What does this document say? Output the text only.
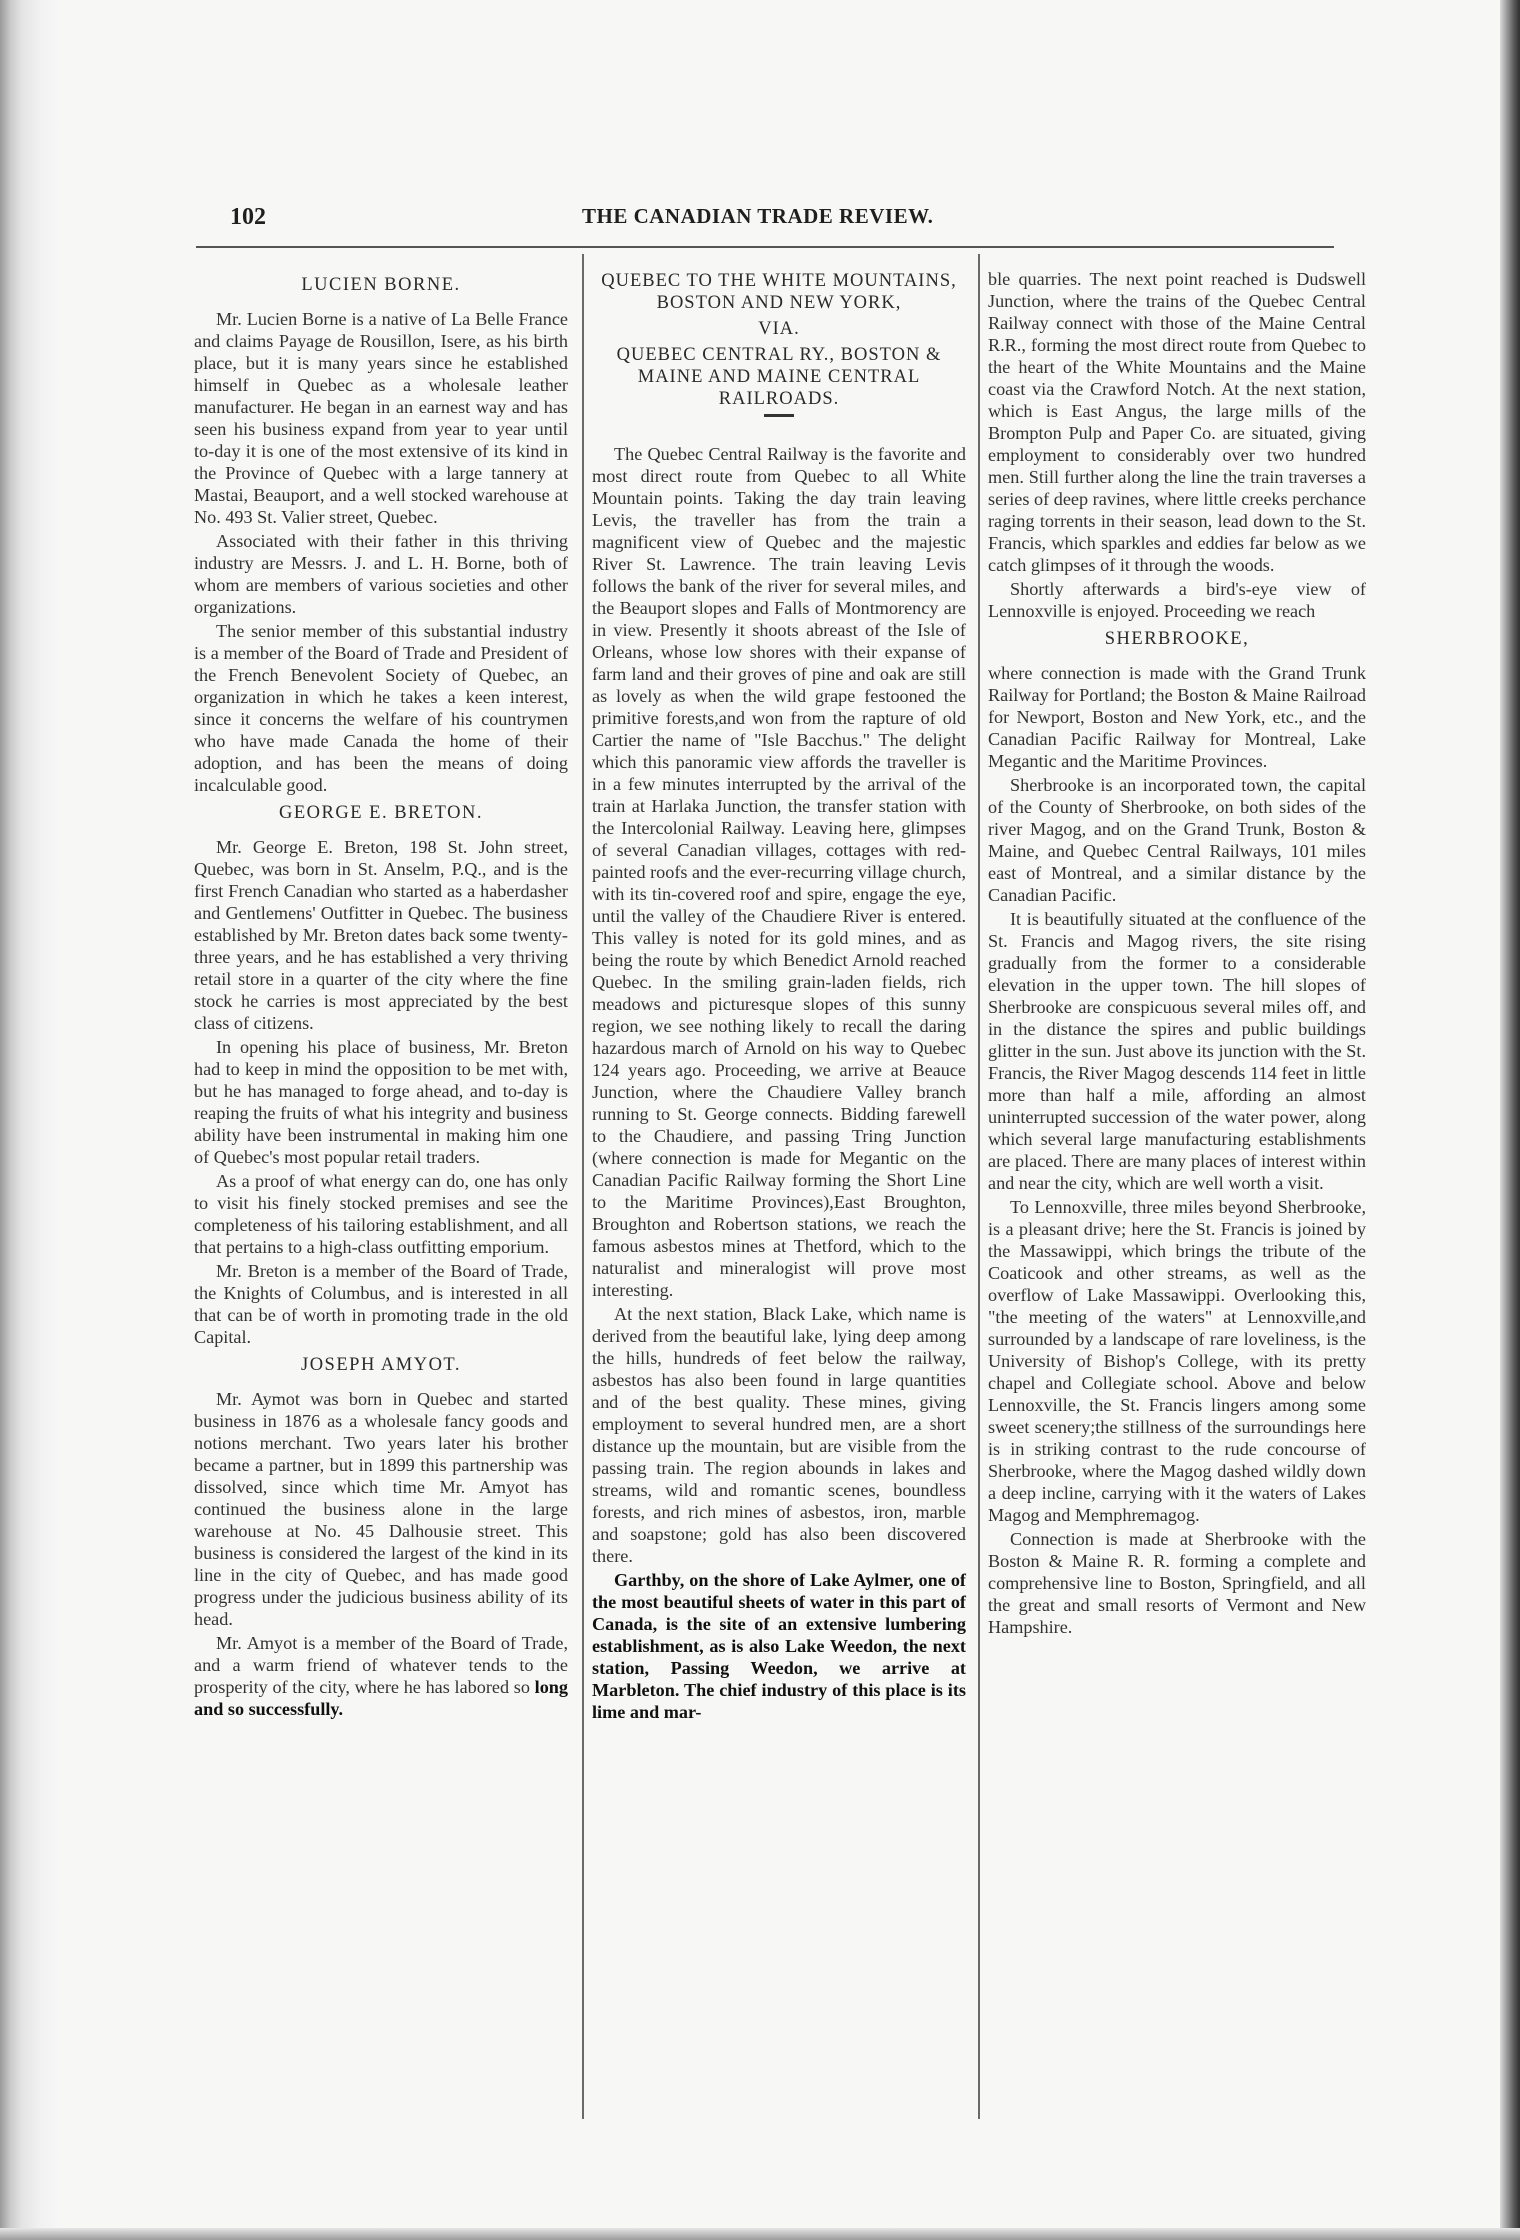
102	THE CANADIAN TRADE REVIEW.
LUCIEN BORNE.

Mr. Lucien Borne is a native of La Belle France and claims Payage de Rousillon, Isere, as his birth place, but it is many years since he established himself in Quebec as a wholesale leather manufacturer. He began in an earnest way and has seen his business expand from year to year until to-day it is one of the most extensive of its kind in the Province of Quebec with a large tannery at Mastai, Beauport, and a well stocked warehouse at No. 493 St. Valier street, Quebec.

Associated with their father in this thriving industry are Messrs. J. and L. H. Borne, both of whom are members of various societies and other organizations.

The senior member of this substantial industry is a member of the Board of Trade and President of the French Benevolent Society of Quebec, an organization in which he takes a keen interest, since it concerns the welfare of his countrymen who have made Canada the home of their adoption, and has been the means of doing incalculable good.

GEORGE E. BRETON.

Mr. George E. Breton, 198 St. John street, Quebec, was born in St. Anselm, P.Q., and is the first French Canadian who started as a haberdasher and Gentlemens' Outfitter in Quebec. The business established by Mr. Breton dates back some twenty-three years, and he has established a very thriving retail store in a quarter of the city where the fine stock he carries is most appreciated by the best class of citizens.

In opening his place of business, Mr. Breton had to keep in mind the opposition to be met with, but he has managed to forge ahead, and to-day is reaping the fruits of what his integrity and business ability have been instrumental in making him one of Quebec's most popular retail traders.

As a proof of what energy can do, one has only to visit his finely stocked premises and see the completeness of his tailoring establishment, and all that pertains to a high-class outfitting emporium.

Mr. Breton is a member of the Board of Trade, the Knights of Columbus, and is interested in all that can be of worth in promoting trade in the old Capital.

JOSEPH AMYOT.

Mr. Aymot was born in Quebec and started business in 1876 as a wholesale fancy goods and notions merchant. Two years later his brother became a partner, but in 1899 this partnership was dissolved, since which time Mr. Amyot has continued the business alone in the large warehouse at No. 45 Dalhousie street. This business is considered the largest of the kind in its line in the city of Quebec, and has made good progress under the judicious business ability of its head.

Mr. Amyot is a member of the Board of Trade, and a warm friend of whatever tends to the prosperity of the city, where he has labored so long and so successfully.

QUEBEC TO THE WHITE MOUNTAINS, BOSTON AND NEW YORK,
VIA.
QUEBEC CENTRAL RY., BOSTON & MAINE AND MAINE CENTRAL RAILROADS.

The Quebec Central Railway is the favorite and most direct route from Quebec to all White Mountain points. Taking the day train leaving Levis, the traveller has from the train a magnificent view of Quebec and the majestic River St. Lawrence. The train leaving Levis follows the bank of the river for several miles, and the Beauport slopes and Falls of Montmorency are in view. Presently it shoots abreast of the Isle of Orleans, whose low shores with their expanse of farm land and their groves of pine and oak are still as lovely as when the wild grape festooned the primitive forests,and won from the rapture of old Cartier the name of "Isle Bacchus." The delight which this panoramic view affords the traveller is in a few minutes interrupted by the arrival of the train at Harlaka Junction, the transfer station with the Intercolonial Railway. Leaving here, glimpses of several Canadian villages, cottages with red-painted roofs and the ever-recurring village church, with its tin-covered roof and spire, engage the eye, until the valley of the Chaudiere River is entered. This valley is noted for its gold mines, and as being the route by which Benedict Arnold reached Quebec. In the smiling grain-laden fields, rich meadows and picturesque slopes of this sunny region, we see nothing likely to recall the daring hazardous march of Arnold on his way to Quebec 124 years ago. Proceeding, we arrive at Beauce Junction, where the Chaudiere Valley branch running to St. George connects. Bidding farewell to the Chaudiere, and passing Tring Junction (where connection is made for Megantic on the Canadian Pacific Railway forming the Short Line to the Maritime Provinces),East Broughton, Broughton and Robertson stations, we reach the famous asbestos mines at Thetford, which to the naturalist and mineralogist will prove most interesting.

At the next station, Black Lake, which name is derived from the beautiful lake, lying deep among the hills, hundreds of feet below the railway, asbestos has also been found in large quantities and of the best quality. These mines, giving employment to several hundred men, are a short distance up the mountain, but are visible from the passing train. The region abounds in lakes and streams, wild and romantic scenes, boundless forests, and rich mines of asbestos, iron, marble and soapstone; gold has also been discovered there.

Garthby, on the shore of Lake Aylmer, one of the most beautiful sheets of water in this part of Canada, is the site of an extensive lumbering establishment, as is also Lake Weedon, the next station, Passing Weedon, we arrive at Marbleton. The chief industry of this place is its lime and mar-

ble quarries. The next point reached is Dudswell Junction, where the trains of the Quebec Central Railway connect with those of the Maine Central R.R., forming the most direct route from Quebec to the heart of the White Mountains and the Maine coast via the Crawford Notch. At the next station, which is East Angus, the large mills of the Brompton Pulp and Paper Co. are situated, giving employment to considerably over two hundred men. Still further along the line the train traverses a series of deep ravines, where little creeks perchance raging torrents in their season, lead down to the St. Francis, which sparkles and eddies far below as we catch glimpses of it through the woods.

Shortly afterwards a bird's-eye view of Lennoxville is enjoyed. Proceeding we reach

SHERBROOKE,

where connection is made with the Grand Trunk Railway for Portland; the Boston & Maine Railroad for Newport, Boston and New York, etc., and the Canadian Pacific Railway for Montreal, Lake Megantic and the Maritime Provinces.

Sherbrooke is an incorporated town, the capital of the County of Sherbrooke, on both sides of the river Magog, and on the Grand Trunk, Boston & Maine, and Quebec Central Railways, 101 miles east of Montreal, and a similar distance by the Canadian Pacific.

It is beautifully situated at the confluence of the St. Francis and Magog rivers, the site rising gradually from the former to a considerable elevation in the upper town. The hill slopes of Sherbrooke are conspicuous several miles off, and in the distance the spires and public buildings glitter in the sun. Just above its junction with the St. Francis, the River Magog descends 114 feet in little more than half a mile, affording an almost uninterrupted succession of the water power, along which several large manufacturing establishments are placed. There are many places of interest within and near the city, which are well worth a visit.

To Lennoxville, three miles beyond Sherbrooke, is a pleasant drive; here the St. Francis is joined by the Massawippi, which brings the tribute of the Coaticook and other streams, as well as the overflow of Lake Massawippi. Overlooking this, "the meeting of the waters" at Lennoxville,and surrounded by a landscape of rare loveliness, is the University of Bishop's College, with its pretty chapel and Collegiate school. Above and below Lennoxville, the St. Francis lingers among some sweet scenery;the stillness of the surroundings here is in striking contrast to the rude concourse of Sherbrooke, where the Magog dashed wildly down a deep incline, carrying with it the waters of Lakes Magog and Memphremagog.

Connection is made at Sherbrooke with the Boston & Maine R. R. forming a complete and comprehensive line to Boston, Springfield, and all the great and small resorts of Vermont and New Hampshire.
